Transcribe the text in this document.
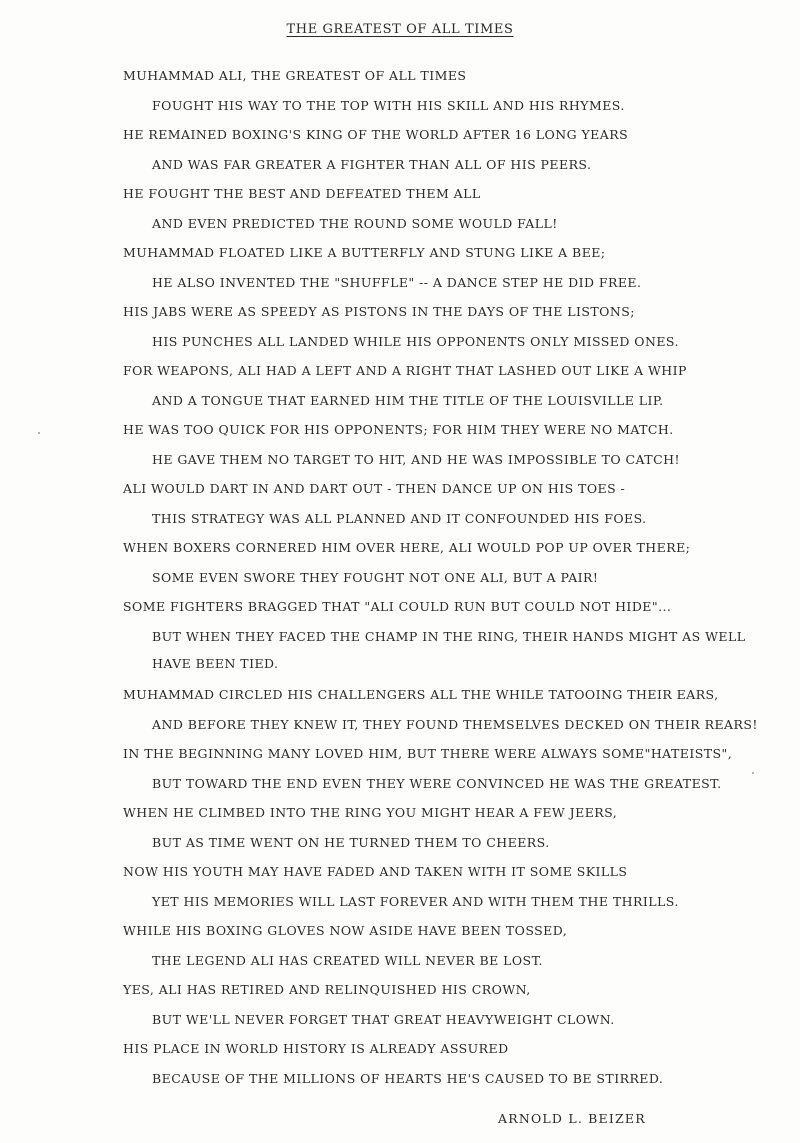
THE GREATEST OF ALL TIMES
MUHAMMAD ALI, THE GREATEST OF ALL TIMES
FOUGHT HIS WAY TO THE TOP WITH HIS SKILL AND HIS RHYMES.
HE REMAINED BOXING'S KING OF THE WORLD AFTER 16 LONG YEARS
AND WAS FAR GREATER A FIGHTER THAN ALL OF HIS PEERS.
HE FOUGHT THE BEST AND DEFEATED THEM ALL
AND EVEN PREDICTED THE ROUND SOME WOULD FALL!
MUHAMMAD FLOATED LIKE A BUTTERFLY AND STUNG LIKE A BEE;
HE ALSO INVENTED THE "SHUFFLE" -- A DANCE STEP HE DID FREE.
HIS JABS WERE AS SPEEDY AS PISTONS IN THE DAYS OF THE LISTONS;
HIS PUNCHES ALL LANDED WHILE HIS OPPONENTS ONLY MISSED ONES.
FOR WEAPONS, ALI HAD A LEFT AND A RIGHT THAT LASHED OUT LIKE A WHIP
AND A TONGUE THAT EARNED HIM THE TITLE OF THE LOUISVILLE LIP.
HE WAS TOO QUICK FOR HIS OPPONENTS; FOR HIM THEY WERE NO MATCH.
HE GAVE THEM NO TARGET TO HIT, AND HE WAS IMPOSSIBLE TO CATCH!
ALI WOULD DART IN AND DART OUT - THEN DANCE UP ON HIS TOES -
THIS STRATEGY WAS ALL PLANNED AND IT CONFOUNDED HIS FOES.
WHEN BOXERS CORNERED HIM OVER HERE, ALI WOULD POP UP OVER THERE;
SOME EVEN SWORE THEY FOUGHT NOT ONE ALI, BUT A PAIR!
SOME FIGHTERS BRAGGED THAT "ALI COULD RUN BUT COULD NOT HIDE"...
BUT WHEN THEY FACED THE CHAMP IN THE RING, THEIR HANDS MIGHT AS WELL
HAVE BEEN TIED.
MUHAMMAD CIRCLED HIS CHALLENGERS ALL THE WHILE TATOOING THEIR EARS,
AND BEFORE THEY KNEW IT, THEY FOUND THEMSELVES DECKED ON THEIR REARS!
IN THE BEGINNING MANY LOVED HIM, BUT THERE WERE ALWAYS SOME"HATEISTS",
BUT TOWARD THE END EVEN THEY WERE CONVINCED HE WAS THE GREATEST.
WHEN HE CLIMBED INTO THE RING YOU MIGHT HEAR A FEW JEERS,
BUT AS TIME WENT ON HE TURNED THEM TO CHEERS.
NOW HIS YOUTH MAY HAVE FADED AND TAKEN WITH IT SOME SKILLS
YET HIS MEMORIES WILL LAST FOREVER AND WITH THEM THE THRILLS.
WHILE HIS BOXING GLOVES NOW ASIDE HAVE BEEN TOSSED,
THE LEGEND ALI HAS CREATED WILL NEVER BE LOST.
YES, ALI HAS RETIRED AND RELINQUISHED HIS CROWN,
BUT WE'LL NEVER FORGET THAT GREAT HEAVYWEIGHT CLOWN.
HIS PLACE IN WORLD HISTORY IS ALREADY ASSURED
BECAUSE OF THE MILLIONS OF HEARTS HE'S CAUSED TO BE STIRRED.
ARNOLD L. BEIZER
